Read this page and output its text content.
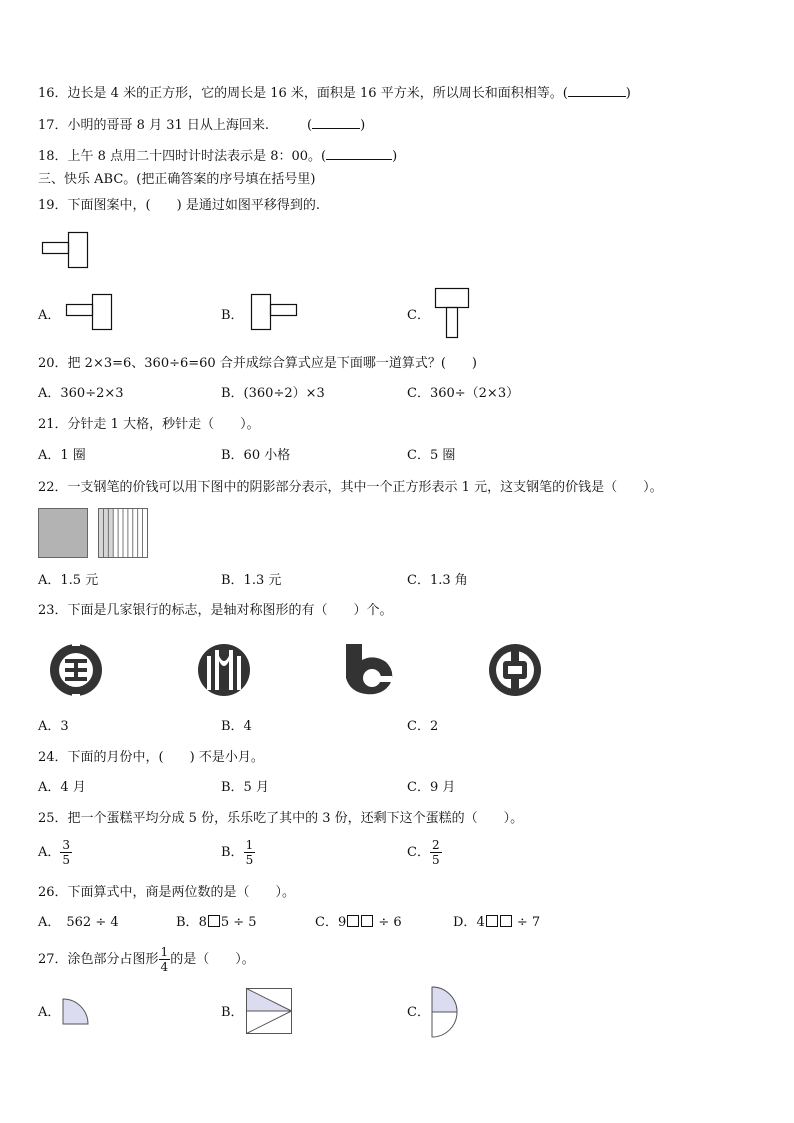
16．边长是 4 米的正方形，它的周长是 16 米，面积是 16 平方米，所以周长和面积相等。(	)
17．小明的哥哥 8 月 31 日从上海回来.	(	)
18．上午 8 点用二十四时计时法表示是 8：00。(	)
三、快乐 ABC。(把正确答案的序号填在括号里)
19．下面图案中，(　　) 是通过如图平移得到的.
A．	B．	C．
20．把 2×3=6、360÷6=60 合并成综合算式应是下面哪一道算式？(　　)
A．360÷2×3	B．(360÷2）×3	C．360÷（2×3）
21．分针走 1 大格，秒针走（　　）。
A．1 圈	B．60 小格	C．5 圈
22．一支钢笔的价钱可以用下图中的阴影部分表示，其中一个正方形表示 1 元，这支钢笔的价钱是（　　）。
A．1.5 元	B．1.3 元	C．1.3 角
23．下面是几家银行的标志，是轴对称图形的有（　　）个。
A．3	B．4	C．2
24．下面的月份中，(　　) 不是小月。
A．4 月	B．5 月	C．9 月
25．把一个蛋糕平均分成 5 份，乐乐吃了其中的 3 份，还剩下这个蛋糕的（　　）。
A． $\frac{3}{5}$	B． $\frac{1}{5}$	C． $\frac{2}{5}$
26．下面算式中，商是两位数的是（　　）。
A． 562 ÷ 4	B．8 5 ÷ 5	C．9 ÷ 6	D．4 ÷ 7
27．涂色部分占图形 $\frac{1}{4}$ 的是（　　）。
A．	B．	C．
